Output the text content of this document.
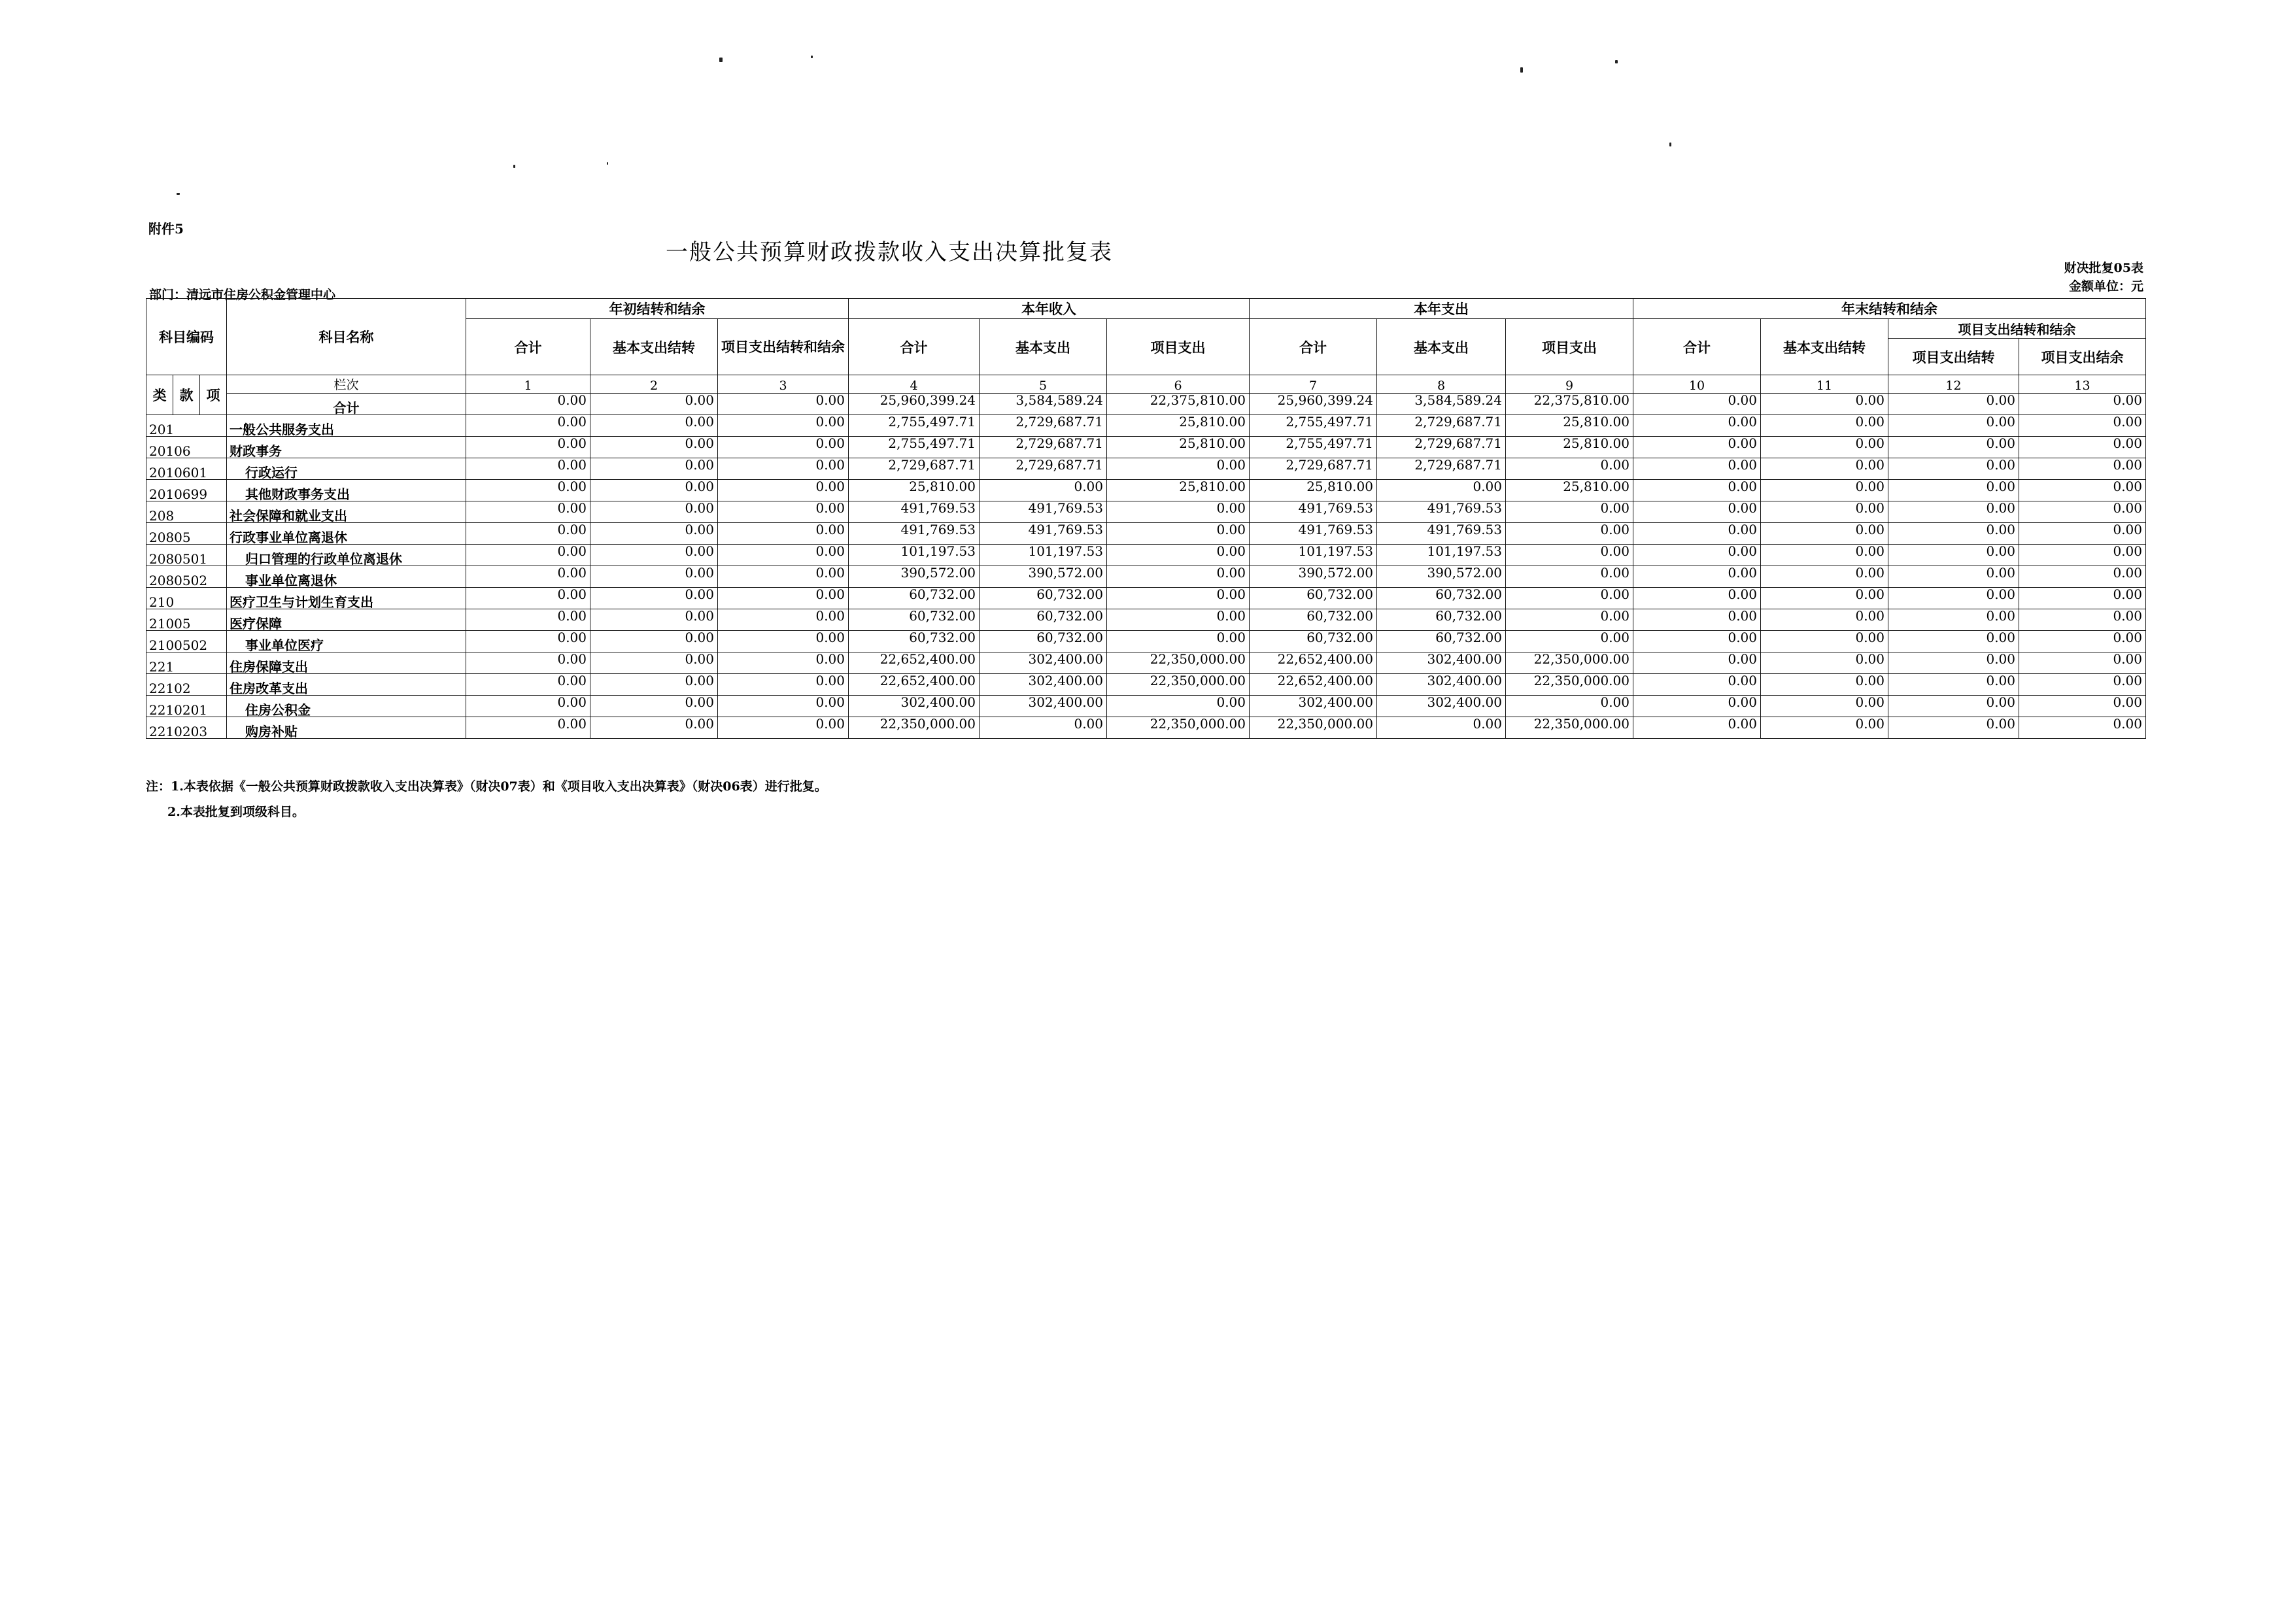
附件5
一般公共预算财政拨款收入支出决算批复表
财决批复05表
金额单位：元
部门：清远市住房公积金管理中心
科目编码			科目名称	年初结转和结余			本年收入			本年支出			年末结转和结余			
				合计	基本支出结转	项目支出结转和结余	合计	基本支出	项目支出	合计	基本支出	项目支出	合计	基本支出结转	项目支出结转和结余	
															项目支出结转	项目支出结余
类	款	项	栏次	1	2	3	4	5	6	7	8	9	10	11	12	13
			合计	0.00	0.00	0.00	25,960,399.24	3,584,589.24	22,375,810.00	25,960,399.24	3,584,589.24	22,375,810.00	0.00	0.00	0.00	0.00
201			一般公共服务支出	0.00	0.00	0.00	2,755,497.71	2,729,687.71	25,810.00	2,755,497.71	2,729,687.71	25,810.00	0.00	0.00	0.00	0.00
20106			财政事务	0.00	0.00	0.00	2,755,497.71	2,729,687.71	25,810.00	2,755,497.71	2,729,687.71	25,810.00	0.00	0.00	0.00	0.00
2010601			行政运行	0.00	0.00	0.00	2,729,687.71	2,729,687.71	0.00	2,729,687.71	2,729,687.71	0.00	0.00	0.00	0.00	0.00
2010699			其他财政事务支出	0.00	0.00	0.00	25,810.00	0.00	25,810.00	25,810.00	0.00	25,810.00	0.00	0.00	0.00	0.00
208			社会保障和就业支出	0.00	0.00	0.00	491,769.53	491,769.53	0.00	491,769.53	491,769.53	0.00	0.00	0.00	0.00	0.00
20805			行政事业单位离退休	0.00	0.00	0.00	491,769.53	491,769.53	0.00	491,769.53	491,769.53	0.00	0.00	0.00	0.00	0.00
2080501			归口管理的行政单位离退休	0.00	0.00	0.00	101,197.53	101,197.53	0.00	101,197.53	101,197.53	0.00	0.00	0.00	0.00	0.00
2080502			事业单位离退休	0.00	0.00	0.00	390,572.00	390,572.00	0.00	390,572.00	390,572.00	0.00	0.00	0.00	0.00	0.00
210			医疗卫生与计划生育支出	0.00	0.00	0.00	60,732.00	60,732.00	0.00	60,732.00	60,732.00	0.00	0.00	0.00	0.00	0.00
21005			医疗保障	0.00	0.00	0.00	60,732.00	60,732.00	0.00	60,732.00	60,732.00	0.00	0.00	0.00	0.00	0.00
2100502			事业单位医疗	0.00	0.00	0.00	60,732.00	60,732.00	0.00	60,732.00	60,732.00	0.00	0.00	0.00	0.00	0.00
221			住房保障支出	0.00	0.00	0.00	22,652,400.00	302,400.00	22,350,000.00	22,652,400.00	302,400.00	22,350,000.00	0.00	0.00	0.00	0.00
22102			住房改革支出	0.00	0.00	0.00	22,652,400.00	302,400.00	22,350,000.00	22,652,400.00	302,400.00	22,350,000.00	0.00	0.00	0.00	0.00
2210201			住房公积金	0.00	0.00	0.00	302,400.00	302,400.00	0.00	302,400.00	302,400.00	0.00	0.00	0.00	0.00	0.00
2210203			购房补贴	0.00	0.00	0.00	22,350,000.00	0.00	22,350,000.00	22,350,000.00	0.00	22,350,000.00	0.00	0.00	0.00	0.00
注：1.本表依据《一般公共预算财政拨款收入支出决算表》（财决07表）和《项目收入支出决算表》（财决06表）进行批复。
2.本表批复到项级科目。
